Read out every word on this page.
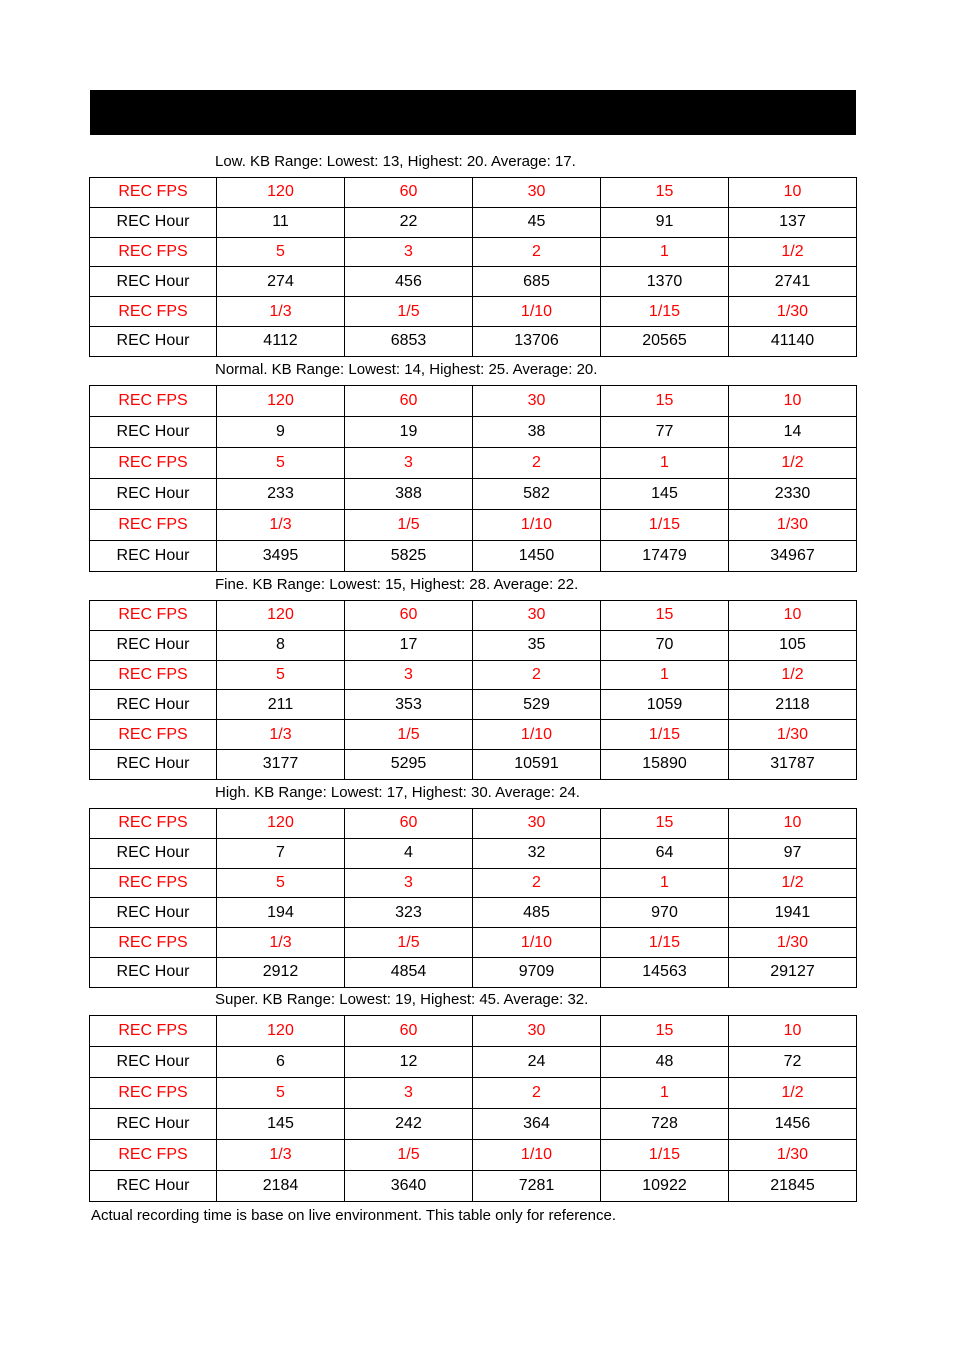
Actual recording time is base on live environment. This table only for reference.
Low. KB Range: Lowest: 13, Highest: 20. Average: 17.
REC FPS	120	60	30	15	10
REC Hour	11	22	45	91	137
REC FPS	5	3	2	1	1/2
REC Hour	274	456	685	1370	2741
REC FPS	1/3	1/5	1/10	1/15	1/30
REC Hour	4112	6853	13706	20565	41140
Normal. KB Range: Lowest: 14, Highest: 25. Average: 20.
REC FPS	120	60	30	15	10
REC Hour	9	19	38	77	14
REC FPS	5	3	2	1	1/2
REC Hour	233	388	582	145	2330
REC FPS	1/3	1/5	1/10	1/15	1/30
REC Hour	3495	5825	1450	17479	34967
Fine. KB Range: Lowest: 15, Highest: 28. Average: 22.
REC FPS	120	60	30	15	10
REC Hour	8	17	35	70	105
REC FPS	5	3	2	1	1/2
REC Hour	211	353	529	1059	2118
REC FPS	1/3	1/5	1/10	1/15	1/30
REC Hour	3177	5295	10591	15890	31787
High. KB Range: Lowest: 17, Highest: 30. Average: 24.
REC FPS	120	60	30	15	10
REC Hour	7	4	32	64	97
REC FPS	5	3	2	1	1/2
REC Hour	194	323	485	970	1941
REC FPS	1/3	1/5	1/10	1/15	1/30
REC Hour	2912	4854	9709	14563	29127
Super. KB Range: Lowest: 19, Highest: 45. Average: 32.
REC FPS	120	60	30	15	10
REC Hour	6	12	24	48	72
REC FPS	5	3	2	1	1/2
REC Hour	145	242	364	728	1456
REC FPS	1/3	1/5	1/10	1/15	1/30
REC Hour	2184	3640	7281	10922	21845
